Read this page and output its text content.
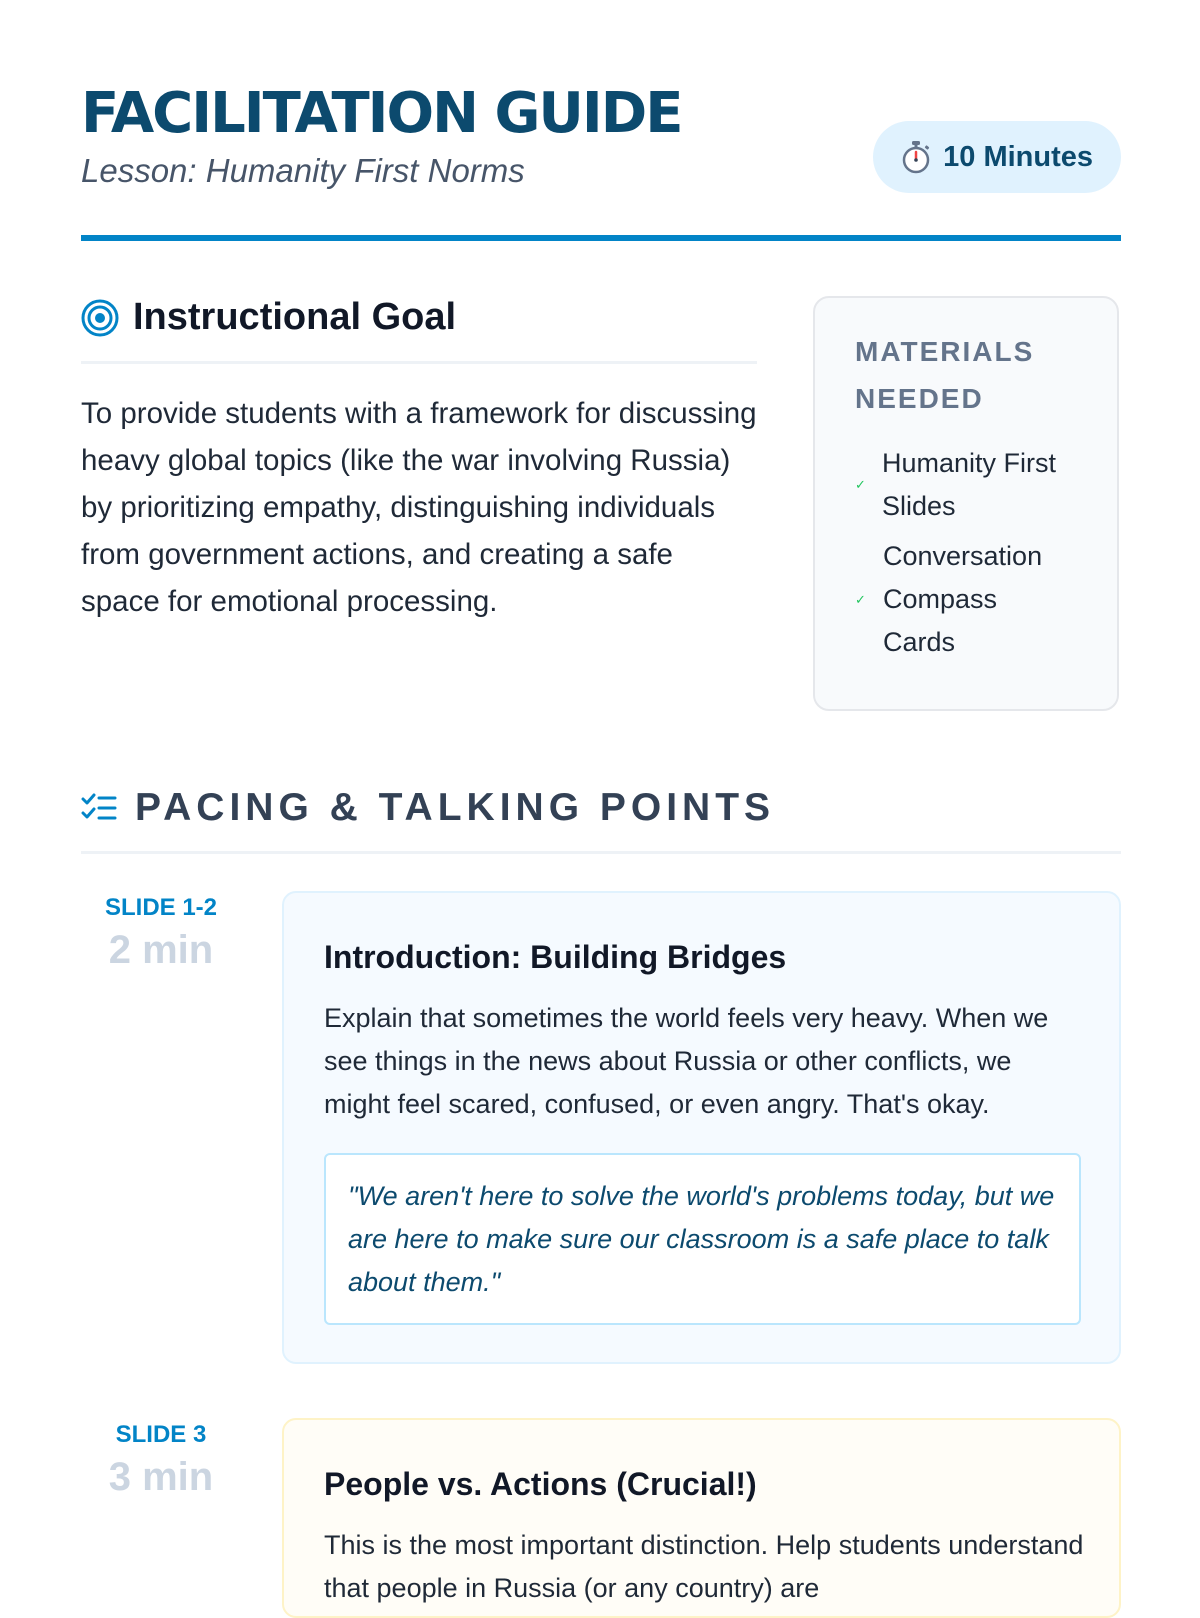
FACILITATION GUIDE
Lesson: Humanity First Norms	10 Minutes
Instructional Goal

To provide students with a framework for discussing heavy global topics (like the war involving Russia) by prioritizing empathy, distinguishing individuals from government actions, and creating a safe space for emotional processing.

MATERIALS NEEDED
✓
Humanity First Slides
✓
Conversation Compass Cards
PACING & TALKING POINTS
SLIDE 1-2
2 min	Introduction: Building Bridges

Explain that sometimes the world feels very heavy. When we see things in the news about Russia or other conflicts, we might feel scared, confused, or even angry. That's okay.

"We aren't here to solve the world's problems today, but we are here to make sure our classroom is a safe place to talk about them."
SLIDE 3
3 min	People vs. Actions (Crucial!)

This is the most important distinction. Help students understand that people in Russia (or any country) are
